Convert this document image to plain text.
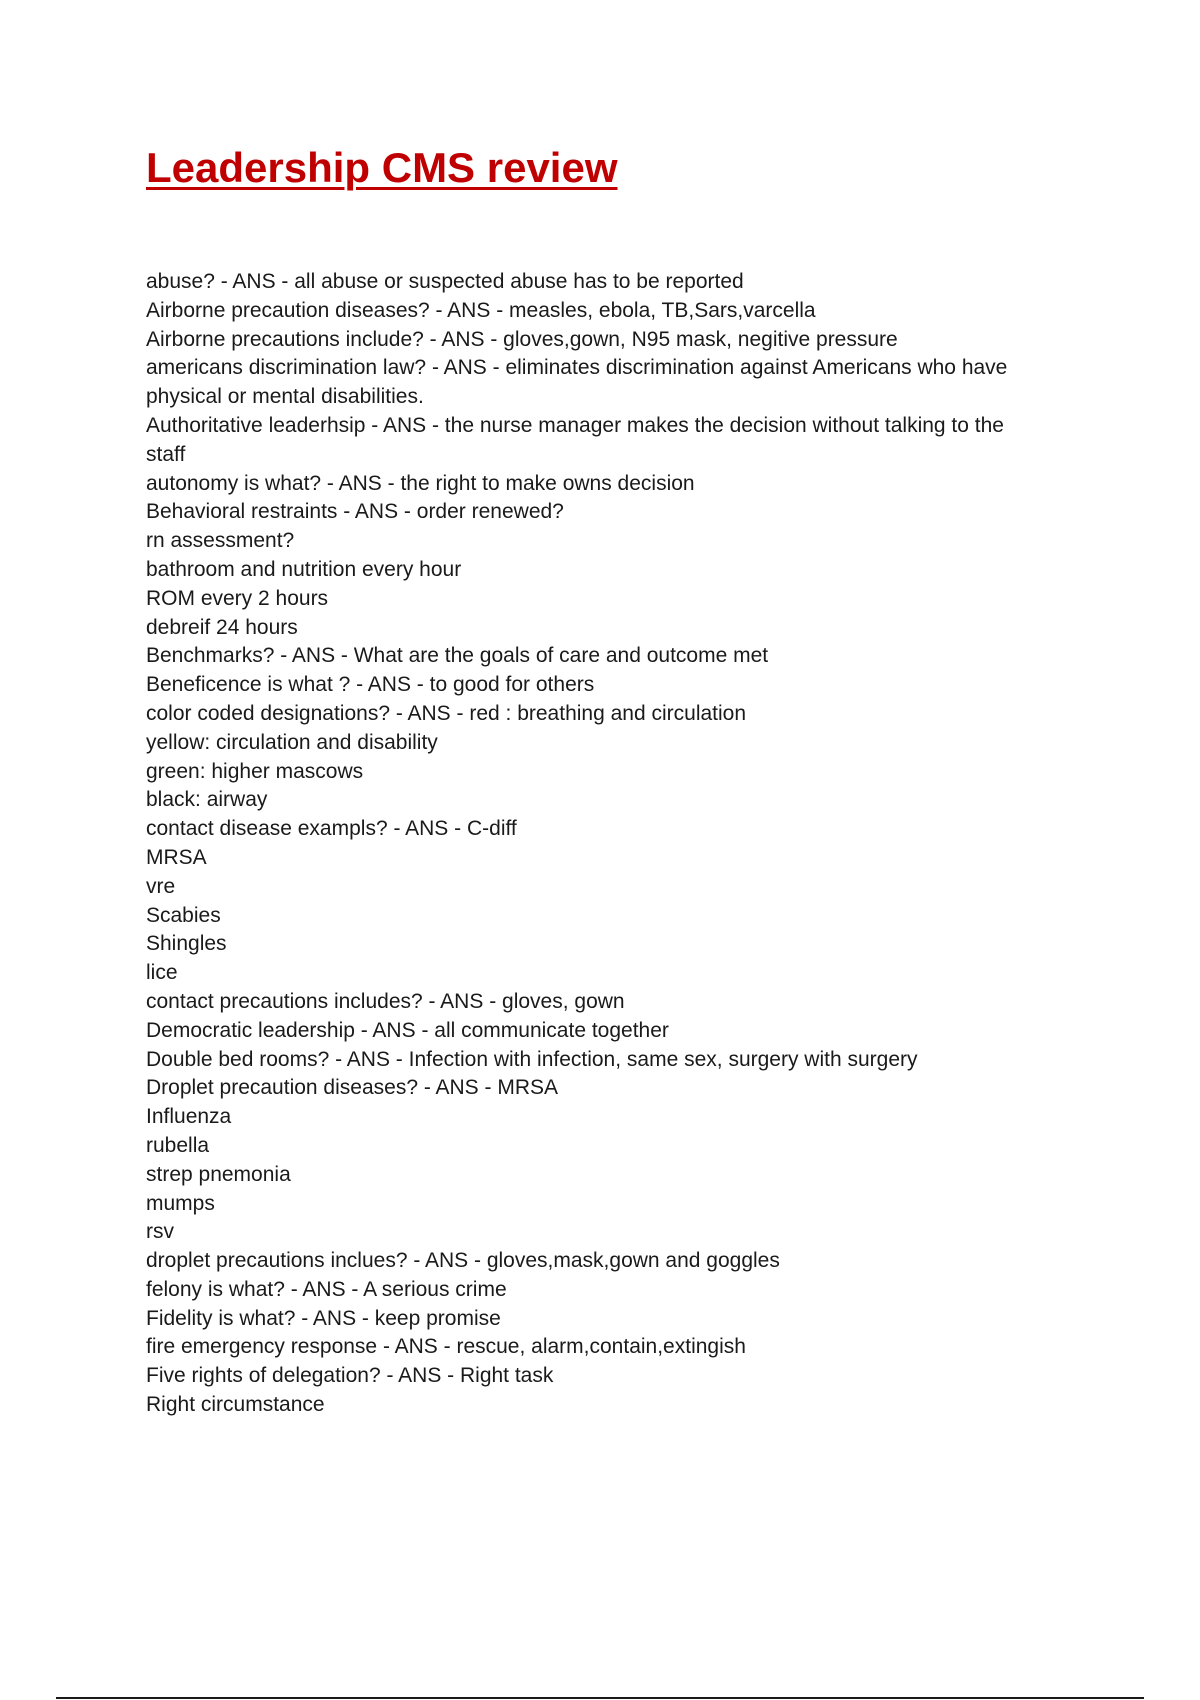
Leadership CMS review
abuse? - ANS - all abuse or suspected abuse has to be reported
Airborne precaution diseases? - ANS - measles, ebola, TB,Sars,varcella
Airborne precautions include? - ANS - gloves,gown, N95 mask, negitive pressure
americans discrimination law? - ANS - eliminates discrimination against Americans who have
physical or mental disabilities.
Authoritative leaderhsip - ANS - the nurse manager makes the decision without talking to the
staff
autonomy is what? - ANS - the right to make owns decision
Behavioral restraints - ANS - order renewed?
rn assessment?
bathroom and nutrition every hour
ROM every 2 hours
debreif 24 hours
Benchmarks? - ANS - What are the goals of care and outcome met
Beneficence is what ? - ANS - to good for others
color coded designations? - ANS - red : breathing and circulation
yellow: circulation and disability
green: higher mascows
black: airway
contact disease exampls? - ANS - C-diff
MRSA
vre
Scabies
Shingles
lice
contact precautions includes? - ANS - gloves, gown
Democratic leadership - ANS - all communicate together
Double bed rooms? - ANS - Infection with infection, same sex, surgery with surgery
Droplet precaution diseases? - ANS - MRSA
Influenza
rubella
strep pnemonia
mumps
rsv
droplet precautions inclues? - ANS - gloves,mask,gown and goggles
felony is what? - ANS - A serious crime
Fidelity is what? - ANS - keep promise
fire emergency response - ANS - rescue, alarm,contain,extingish
Five rights of delegation? - ANS - Right task
Right circumstance
